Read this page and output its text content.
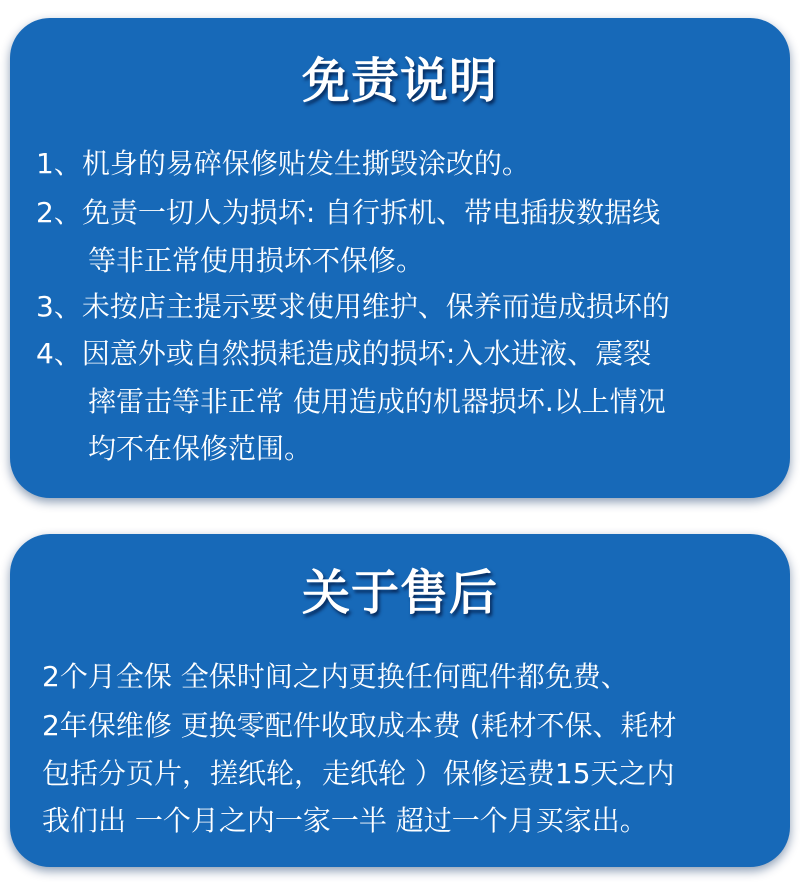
免责说明
1、机身的易碎保修贴发生撕毁涂改的。
2、免责一切人为损坏: 自行拆机、带电插拔数据线
等非正常使用损坏不保修。
3、未按店主提示要求使用维护、保养而造成损坏的
4、因意外或自然损耗造成的损坏:入水进液、震裂
摔雷击等非正常 使用造成的机器损坏.以上情况
均不在保修范围。
关于售后
2个月全保 全保时间之内更换任何配件都免费、
2年保维修 更换零配件收取成本费 (耗材不保、耗材
包括分页片，搓纸轮，走纸轮 ）保修运费15天之内
我们出 一个月之内一家一半 超过一个月买家出。
